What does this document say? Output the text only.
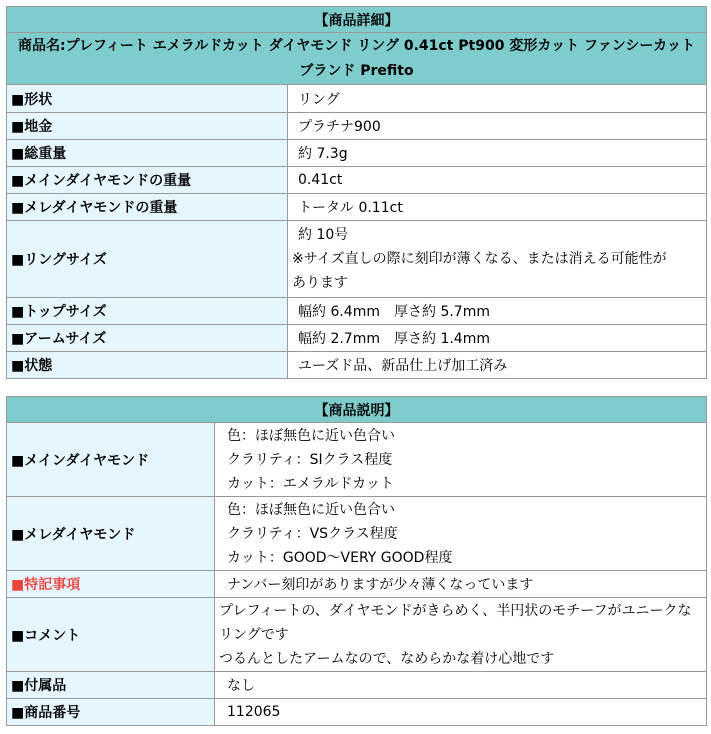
【商品詳細】	
商品名:プレフィート エメラルドカット ダイヤモンド リング 0.41ct Pt900 変形カット ファンシーカット
ブランド Prefito	
■形状	リング
■地金	プラチナ900
■総重量	約 7.3g
■メインダイヤモンドの重量	0.41ct
■メレダイヤモンドの重量	トータル 0.11ct
■リングサイズ	約 10号
※サイズ直しの際に刻印が薄くなる、または消える可能性が
あります
■トップサイズ	幅約 6.4mm　厚さ約 5.7mm
■アームサイズ	幅約 2.7mm　厚さ約 1.4mm
■状態	ユーズド品、新品仕上げ加工済み
【商品説明】	
■メインダイヤモンド	色：ほぼ無色に近い色合い
クラリティ：SIクラス程度
カット：エメラルドカット
■メレダイヤモンド	色：ほぼ無色に近い色合い
クラリティ：VSクラス程度
カット：GOOD～VERY GOOD程度
■特記事項	ナンバー刻印がありますが少々薄くなっています
■コメント	プレフィートの、ダイヤモンドがきらめく、半円状のモチーフがユニークな
リングです
つるんとしたアームなので、なめらかな着け心地です
■付属品	なし
■商品番号	112065
